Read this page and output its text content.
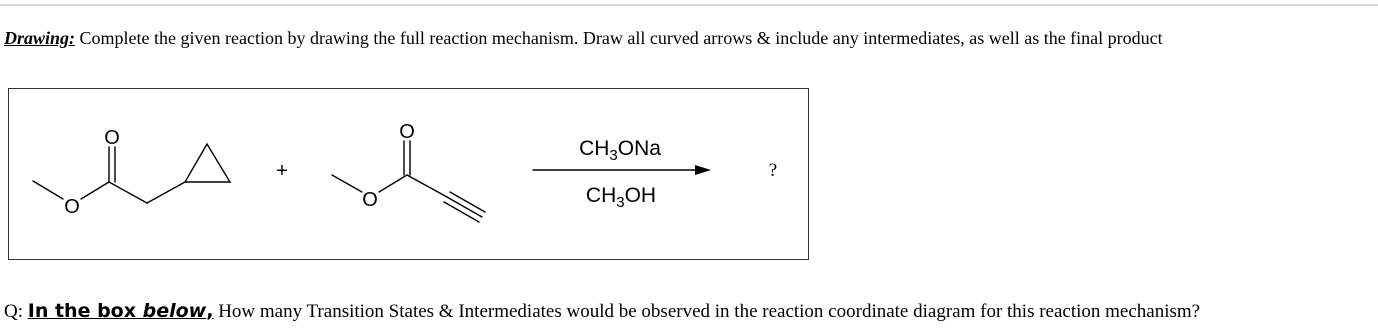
Drawing: Complete the given reaction by drawing the full reaction mechanism. Draw all curved arrows & include any intermediates, as well as the final product
O
O
O
O
+
$CH_3ONa$
$CH_3OH$
?
Q: In the box below, How many Transition States & Intermediates would be observed in the reaction coordinate diagram for this reaction mechanism?
